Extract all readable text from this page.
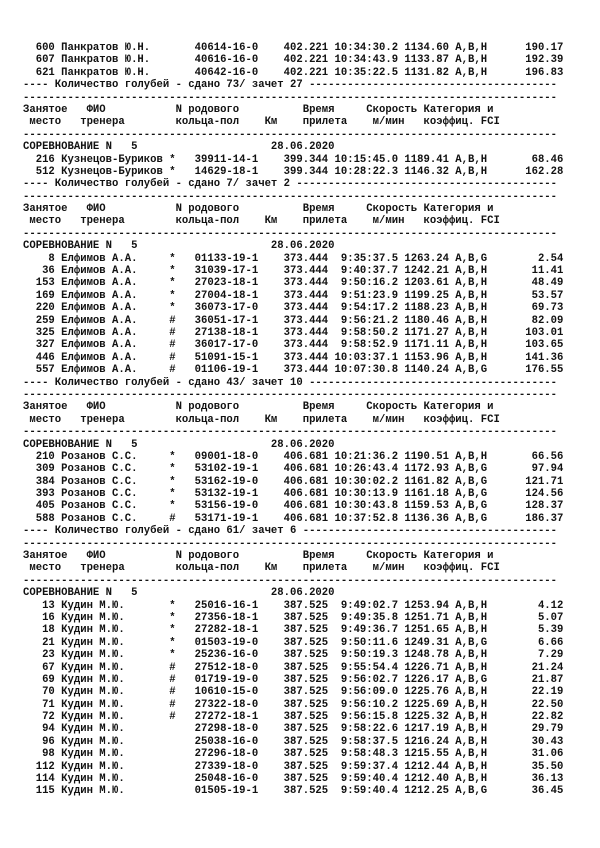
600 Панкратов Ю.Н.       40614-16-0    402.221 10:34:30.2 1134.60 A,B,H      190.17
607 Панкратов Ю.Н.       40616-16-0    402.221 10:34:43.9 1133.87 A,B,H      192.39
621 Панкратов Ю.Н.       40642-16-0    402.221 10:35:22.5 1131.82 A,B,H      196.83
---- Количество голубей - сдано 73/ зачет 27 ---------------------------------------
------------------------------------------------------------------------------------
Занятое   ФИО           N родового          Время     Скорость Категория и
место   тренера        кольца-пол    Км    прилета    м/мин   коэффиц. FCI
------------------------------------------------------------------------------------
СОРЕВНОВАНИЕ N   5                     28.06.2020
216 Кузнецов-Буриков *   39911-14-1    399.344 10:15:45.0 1189.41 A,B,H       68.46
512 Кузнецов-Буриков *   14629-18-1    399.344 10:28:22.3 1146.32 A,B,H      162.28
---- Количество голубей - сдано 7/ зачет 2 -----------------------------------------
------------------------------------------------------------------------------------
Занятое   ФИО           N родового          Время     Скорость Категория и
место   тренера        кольца-пол    Км    прилета    м/мин   коэффиц. FCI
------------------------------------------------------------------------------------
СОРЕВНОВАНИЕ N   5                     28.06.2020
8 Елфимов А.А.     *   01133-19-1    373.444  9:35:37.5 1263.24 A,B,G        2.54
36 Елфимов А.А.     *   31039-17-1    373.444  9:40:37.7 1242.21 A,B,H       11.41
153 Елфимов А.А.     *   27023-18-1    373.444  9:50:16.2 1203.61 A,B,H       48.49
169 Елфимов А.А.     *   27004-18-1    373.444  9:51:23.9 1199.25 A,B,H       53.57
220 Елфимов А.А.     *   36073-17-0    373.444  9:54:17.2 1188.23 A,B,H       69.73
259 Елфимов А.А.     #   36051-17-1    373.444  9:56:21.2 1180.46 A,B,H       82.09
325 Елфимов А.А.     #   27138-18-1    373.444  9:58:50.2 1171.27 A,B,H      103.01
327 Елфимов А.А.     #   36017-17-0    373.444  9:58:52.9 1171.11 A,B,H      103.65
446 Елфимов А.А.     #   51091-15-1    373.444 10:03:37.1 1153.96 A,B,H      141.36
557 Елфимов А.А.     #   01106-19-1    373.444 10:07:30.8 1140.24 A,B,G      176.55
---- Количество голубей - сдано 43/ зачет 10 ---------------------------------------
------------------------------------------------------------------------------------
Занятое   ФИО           N родового          Время     Скорость Категория и
место   тренера        кольца-пол    Км    прилета    м/мин   коэффиц. FCI
------------------------------------------------------------------------------------
СОРЕВНОВАНИЕ N   5                     28.06.2020
210 Розанов С.С.     *   09001-18-0    406.681 10:21:36.2 1190.51 A,B,H       66.56
309 Розанов С.С.     *   53102-19-1    406.681 10:26:43.4 1172.93 A,B,G       97.94
384 Розанов С.С.     *   53162-19-0    406.681 10:30:02.2 1161.82 A,B,G      121.71
393 Розанов С.С.     *   53132-19-1    406.681 10:30:13.9 1161.18 A,B,G      124.56
405 Розанов С.С.     *   53156-19-0    406.681 10:30:43.8 1159.53 A,B,G      128.37
588 Розанов С.С.     #   53171-19-1    406.681 10:37:52.8 1136.36 A,B,G      186.37
---- Количество голубей - сдано 61/ зачет 6 ----------------------------------------
------------------------------------------------------------------------------------
Занятое   ФИО           N родового          Время     Скорость Категория и
место   тренера        кольца-пол    Км    прилета    м/мин   коэффиц. FCI
------------------------------------------------------------------------------------
СОРЕВНОВАНИЕ N   5                     28.06.2020
13 Кудин М.Ю.       *   25016-16-1    387.525  9:49:02.7 1253.94 A,B,H        4.12
16 Кудин М.Ю.       *   27356-18-1    387.525  9:49:35.8 1251.71 A,B,H        5.07
18 Кудин М.Ю.       *   27282-18-1    387.525  9:49:36.7 1251.65 A,B,H        5.39
21 Кудин М.Ю.       *   01503-19-0    387.525  9:50:11.6 1249.31 A,B,G        6.66
23 Кудин М.Ю.       *   25236-16-0    387.525  9:50:19.3 1248.78 A,B,H        7.29
67 Кудин М.Ю.       #   27512-18-0    387.525  9:55:54.4 1226.71 A,B,H       21.24
69 Кудин М.Ю.       #   01719-19-0    387.525  9:56:02.7 1226.17 A,B,G       21.87
70 Кудин М.Ю.       #   10610-15-0    387.525  9:56:09.0 1225.76 A,B,H       22.19
71 Кудин М.Ю.       #   27322-18-0    387.525  9:56:10.2 1225.69 A,B,H       22.50
72 Кудин М.Ю.       #   27272-18-1    387.525  9:56:15.8 1225.32 A,B,H       22.82
94 Кудин М.Ю.           27298-18-0    387.525  9:58:22.6 1217.19 A,B,H       29.79
96 Кудин М.Ю.           25038-16-0    387.525  9:58:37.5 1216.24 A,B,H       30.43
98 Кудин М.Ю.           27296-18-0    387.525  9:58:48.3 1215.55 A,B,H       31.06
112 Кудин М.Ю.           27339-18-0    387.525  9:59:37.4 1212.44 A,B,H       35.50
114 Кудин М.Ю.           25048-16-0    387.525  9:59:40.4 1212.40 A,B,H       36.13
115 Кудин М.Ю.           01505-19-1    387.525  9:59:40.4 1212.25 A,B,G       36.45
